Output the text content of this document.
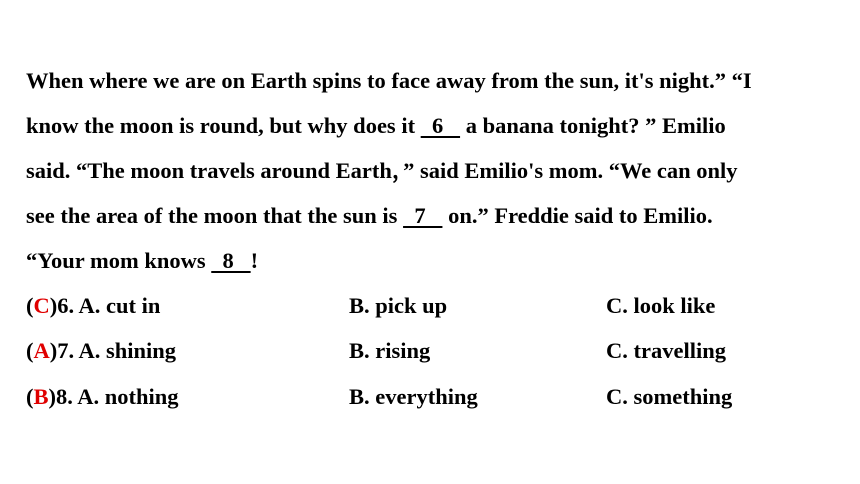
When where we are on Earth spins to face away from the sun, it's night.” “I
know the moon is round, but why does it   6    a banana tonight? ” Emilio
said. “The moon travels around Earth，” said Emilio's mom. “We can only
see the area of the moon that the sun is   7    on.” Freddie said to Emilio.
“Your mom knows   8   !
(C)6. A. cut in	B. pick up	C. look like
(A)7. A. shining	B. rising	C. travelling
(B)8. A. nothing	B. everything	C. something
